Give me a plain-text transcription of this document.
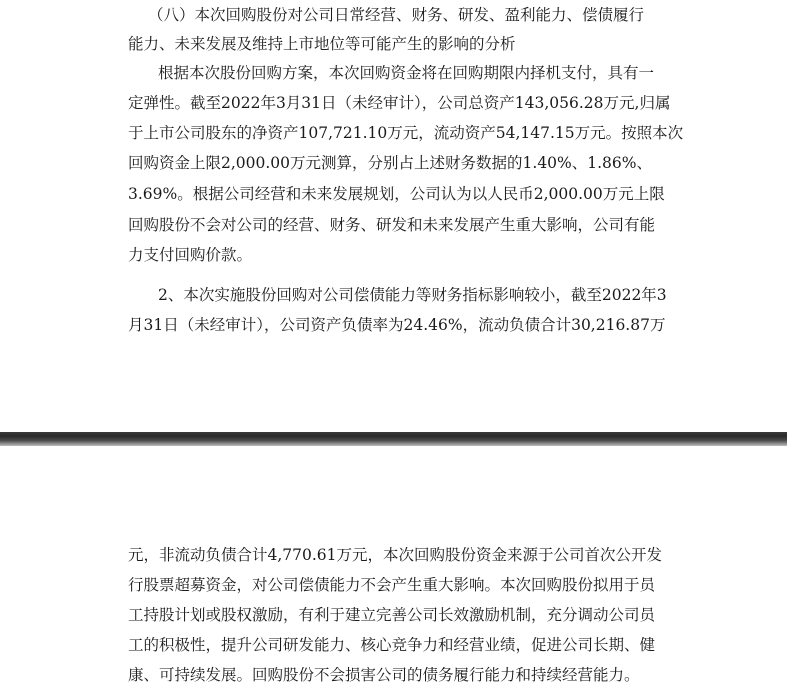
（八）本次回购股份对公司日常经营、财务、研发、盈利能力、偿债履行
能力、未来发展及维持上市地位等可能产生的影响的分析
根据本次股份回购方案，本次回购资金将在回购期限内择机支付，具有一
定弹性。截至2022年3月31日（未经审计），公司总资产143,056.28万元,归属
于上市公司股东的净资产107,721.10万元，流动资产54,147.15万元。按照本次
回购资金上限2,000.00万元测算，分别占上述财务数据的1.40%、1.86%、
3.69%。根据公司经营和未来发展规划，公司认为以人民币2,000.00万元上限
回购股份不会对公司的经营、财务、研发和未来发展产生重大影响，公司有能
力支付回购价款。
2、本次实施股份回购对公司偿债能力等财务指标影响较小，截至2022年3
月31日（未经审计），公司资产负债率为24.46%，流动负债合计30,216.87万
元，非流动负债合计4,770.61万元，本次回购股份资金来源于公司首次公开发
行股票超募资金，对公司偿债能力不会产生重大影响。本次回购股份拟用于员
工持股计划或股权激励，有利于建立完善公司长效激励机制，充分调动公司员
工的积极性，提升公司研发能力、核心竞争力和经营业绩，促进公司长期、健
康、可持续发展。回购股份不会损害公司的债务履行能力和持续经营能力。
